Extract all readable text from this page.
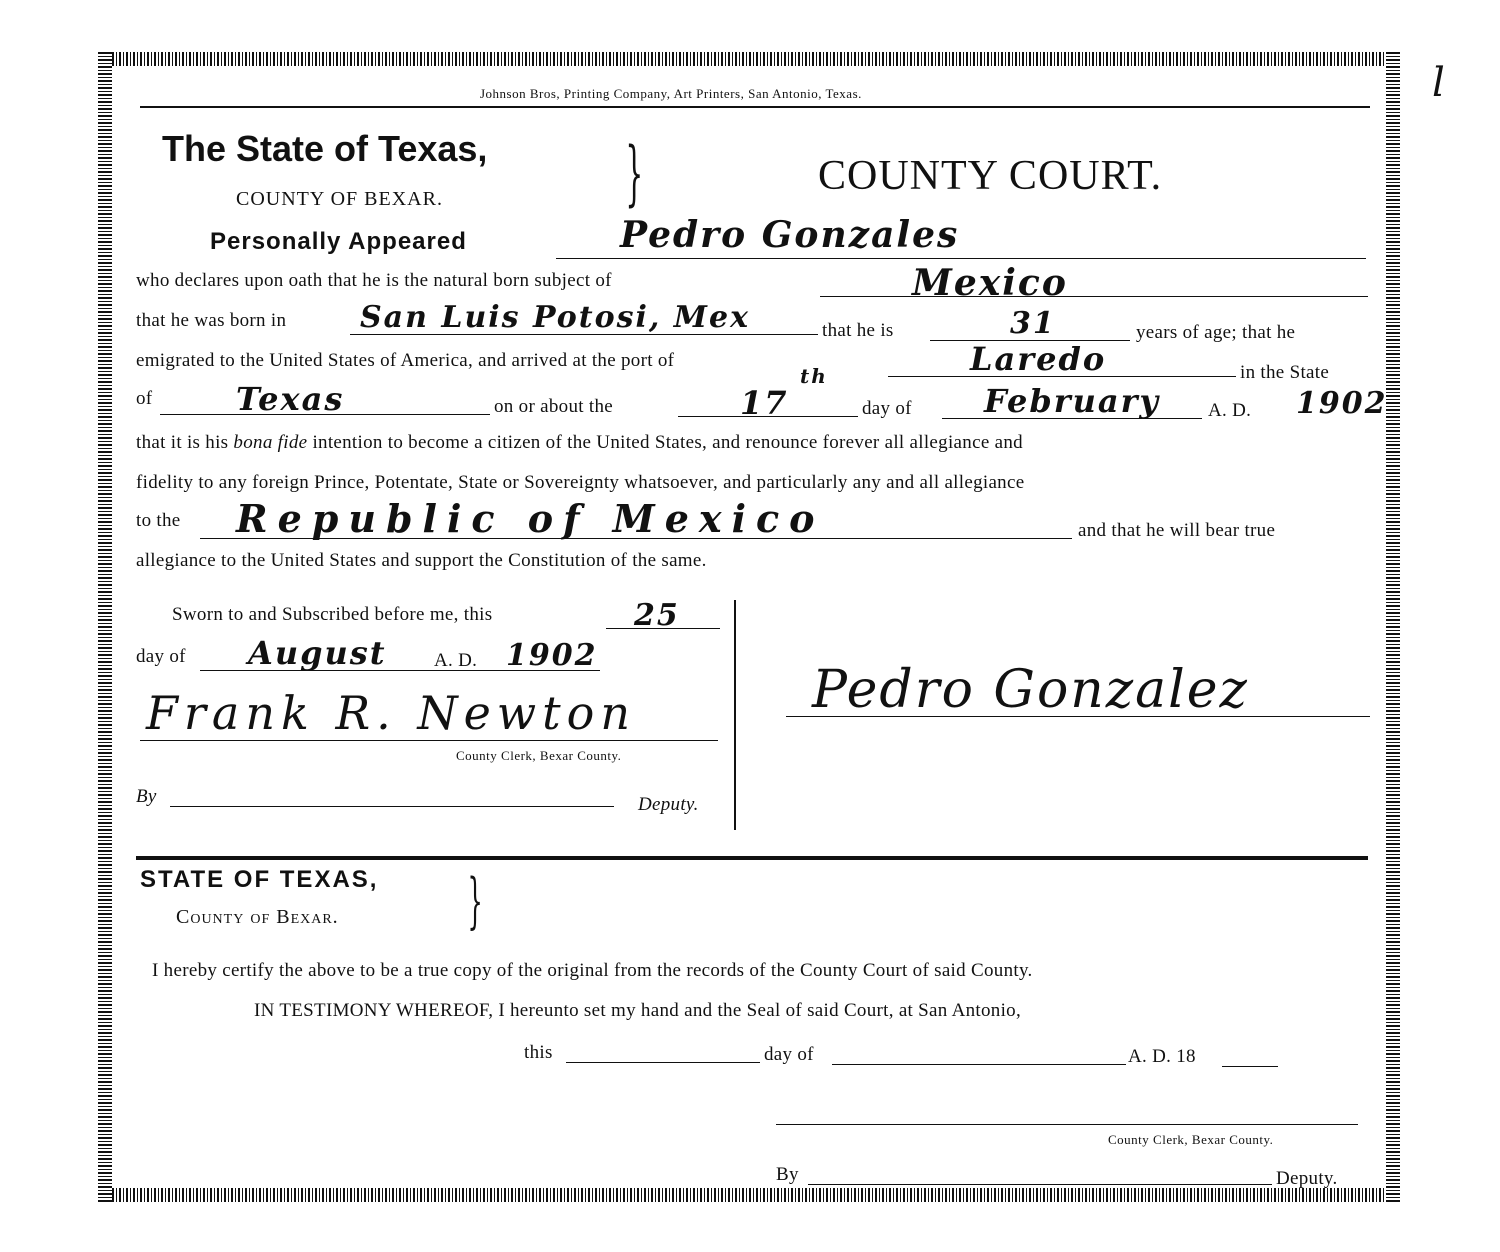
l
Johnson Bros, Printing Company, Art Printers, San Antonio, Texas.
The State of Texas,
COUNTY OF BEXAR.	}	COUNTY COURT.
Personally Appeared	Pedro Gonzales
who declares upon oath that he is the natural born subject of	Mexico
that he was born in San Luis Potosi, Mex	that he is	31	years of age; that he
emigrated to the United States of America, and arrived at the port of	Laredo	in the State
of	Texas	on or about the	17
th
day of February	A. D. 1902
that it is his bona fide intention to become a citizen of the United States, and renounce forever all allegiance and
fidelity to any foreign Prince, Potentate, State or Sovereignty whatsoever, and particularly any and all allegiance
to the Republic of Mexico	and that he will bear true
allegiance to the United States and support the Constitution of the same.
Sworn to and Subscribed before me, this	25
day of August A. D. 1902
Frank R. Newton
County Clerk, Bexar County.
By	Deputy.
Pedro Gonzalez
STATE OF TEXAS,
County of Bexar. }
I hereby certify the above to be a true copy of the original from the records of the County Court of said County.
IN TESTIMONY WHEREOF, I hereunto set my hand and the Seal of said Court, at San Antonio,
this	day of	A. D. 18
County Clerk, Bexar County.
By	Deputy.
